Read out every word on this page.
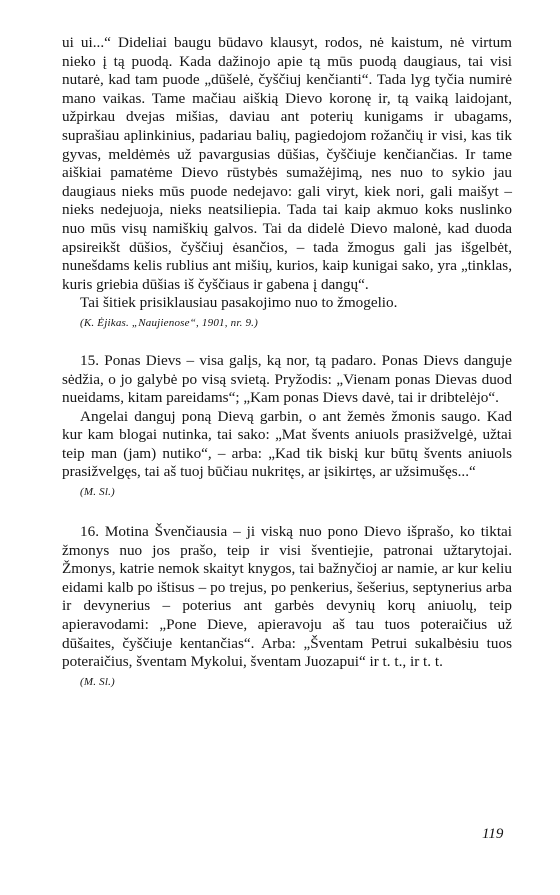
ui ui...“ Dideliai baugu būdavo klausyt, rodos, nė kaistum, nė virtum nieko į tą puodą. Kada dažinojo apie tą mūs puodą daugiaus, tai visi nutarė, kad tam puode „dūšelė, čyščiuj kenčianti“. Tada lyg tyčia numirė mano vaikas. Tame mačiau aiškią Dievo koronę ir, tą vaiką laidojant, užpirkau dvejas mišias, daviau ant poterių kunigams ir ubagams, suprašiau aplinkinius, padariau balių, pagiedojom rožančių ir visi, kas tik gyvas, meldėmės už pavargusias dūšias, čyščiuje kenčiančias. Ir tame aiškiai pamatėme Dievo rūstybės sumažėjimą, nes nuo to sykio jau daugiaus nieks mūs puode nedejavo: gali viryt, kiek nori, gali maišyt – nieks nedejuoja, nieks neatsiliepia. Tada tai kaip akmuo koks nuslinko nuo mūs visų namiškių galvos. Tai da didelė Dievo malonė, kad duoda apsireikšt dūšios, čyščiuj ėsančios, – tada žmogus gali jas išgelbėt, nunešdams kelis rublius ant mišių, kurios, kaip kunigai sako, yra „tinklas, kuris griebia dūšias iš čyščiaus ir gabena į dangų“.

Tai šitiek prisiklausiau pasakojimo nuo to žmogelio.

(K. Ėjikas. „Naujienose“, 1901, nr. 9.)

15. Ponas Dievs – visa galįs, ką nor, tą padaro. Ponas Dievs danguje sėdžia, o jo galybė po visą svietą. Pryžodis: „Vienam ponas Dievas duod nueidams, kitam pareidams“; „Kam ponas Dievs davė, tai ir dribtelėjo“.

Angelai danguj poną Dievą garbin, o ant žemės žmonis saugo. Kad kur kam blogai nutinka, tai sako: „Mat švents aniuols prasižvelgė, užtai teip man (jam) nutiko“, – arba: „Kad tik biskį kur būtų švents aniuols prasižvelgęs, tai aš tuoj būčiau nukritęs, ar įsikirtęs, ar užsimušęs...“

(M. Sl.)

16. Motina Švenčiausia – ji viską nuo pono Dievo išprašo, ko tiktai žmonys nuo jos prašo, teip ir visi šventiejie, patronai užtarytojai. Žmonys, katrie nemok skaityt knygos, tai bažnyčioj ar namie, ar kur keliu eidami kalb po ištisus – po trejus, po penkerius, šešerius, septynerius arba ir devynerius – poterius ant garbės devynių korų aniuolų, teip apieravodami: „Pone Dieve, apieravoju aš tau tuos poteraičius už dūšaites, čyščiuje kentančias“. Arba: „Šventam Petrui sukalbėsiu tuos poteraičius, šventam Mykolui, šventam Juozapui“ ir t. t., ir t. t.

(M. Sl.)

119
